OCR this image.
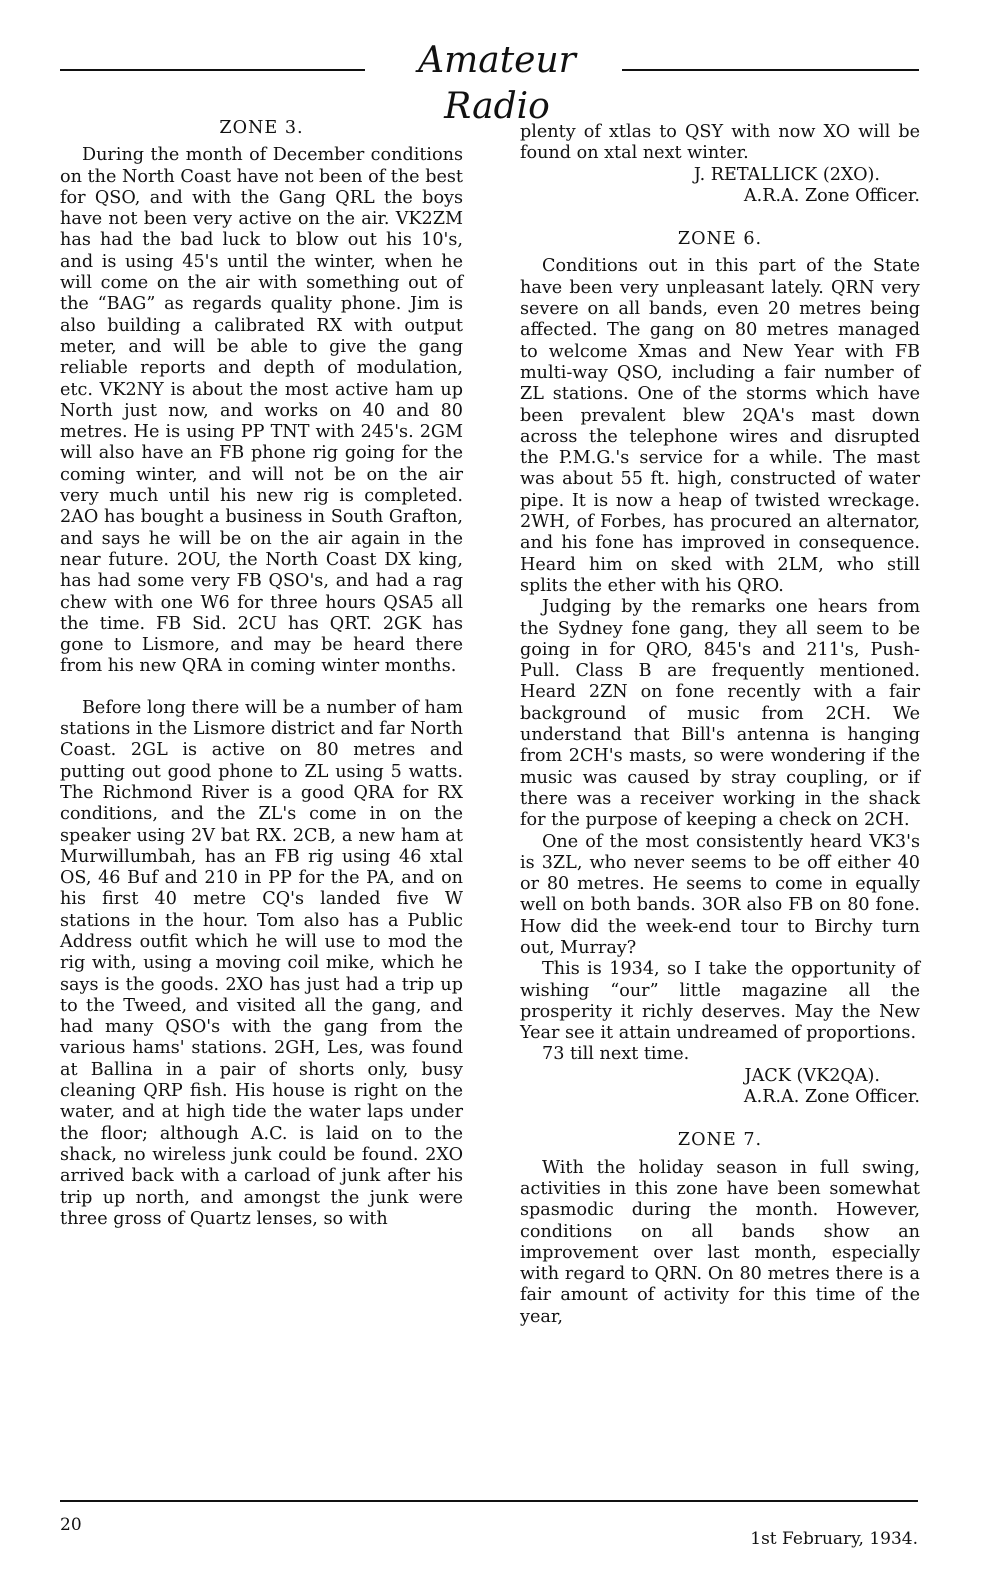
Amateur Radio
ZONE 3.

During the month of December conditions on the North Coast have not been of the best for QSO, and with the Gang QRL the boys have not been very active on the air. VK2ZM has had the bad luck to blow out his 10's, and is using 45's until the winter, when he will come on the air with something out of the “BAG” as regards quality phone. Jim is also building a calibrated RX with output meter, and will be able to give the gang reliable reports and depth of modulation, etc. VK2NY is about the most active ham up North just now, and works on 40 and 80 metres. He is using PP TNT with 245's. 2GM will also have an FB phone rig going for the coming winter, and will not be on the air very much until his new rig is completed. 2AO has bought a business in South Grafton, and says he will be on the air again in the near future. 2OU, the North Coast DX king, has had some very FB QSO's, and had a rag chew with one W6 for three hours QSA5 all the time. FB Sid. 2CU has QRT. 2GK has gone to Lismore, and may be heard there from his new QRA in coming winter months.

Before long there will be a number of ham stations in the Lismore district and far North Coast. 2GL is active on 80 metres and putting out good phone to ZL using 5 watts. The Richmond River is a good QRA for RX conditions, and the ZL's come in on the speaker using 2V bat RX. 2CB, a new ham at Murwillumbah, has an FB rig using 46 xtal OS, 46 Buf and 210 in PP for the PA, and on his first 40 metre CQ's landed five W stations in the hour. Tom also has a Public Address outfit which he will use to mod the rig with, using a moving coil mike, which he says is the goods. 2XO has just had a trip up to the Tweed, and visited all the gang, and had many QSO's with the gang from the various hams' stations. 2GH, Les, was found at Ballina in a pair of shorts only, busy cleaning QRP fish. His house is right on the water, and at high tide the water laps under the floor; although A.C. is laid on to the shack, no wireless junk could be found. 2XO arrived back with a carload of junk after his trip up north, and amongst the junk were three gross of Quartz lenses, so with

plenty of xtlas to QSY with now XO will be found on xtal next winter.

J. RETALLICK (2XO).

A.R.A. Zone Officer.

ZONE 6.

Conditions out in this part of the State have been very unpleasant lately. QRN very severe on all bands, even 20 metres being affected. The gang on 80 metres managed to welcome Xmas and New Year with FB multi-way QSO, including a fair number of ZL stations. One of the storms which have been prevalent blew 2QA's mast down across the telephone wires and disrupted the P.M.G.'s service for a while. The mast was about 55 ft. high, constructed of water pipe. It is now a heap of twisted wreckage. 2WH, of Forbes, has procured an alternator, and his fone has improved in consequence. Heard him on sked with 2LM, who still splits the ether with his QRO.

Judging by the remarks one hears from the Sydney fone gang, they all seem to be going in for QRO, 845's and 211's, Push-Pull. Class B are frequently mentioned. Heard 2ZN on fone recently with a fair background of music from 2CH. We understand that Bill's antenna is hanging from 2CH's masts, so were wondering if the music was caused by stray coupling, or if there was a receiver working in the shack for the purpose of keeping a check on 2CH.

One of the most consistently heard VK3's is 3ZL, who never seems to be off either 40 or 80 metres. He seems to come in equally well on both bands. 3OR also FB on 80 fone. How did the week-end tour to Birchy turn out, Murray?

This is 1934, so I take the opportunity of wishing “our” little magazine all the prosperity it richly deserves. May the New Year see it attain undreamed of proportions.

73 till next time.

JACK (VK2QA).

A.R.A. Zone Officer.

ZONE 7.

With the holiday season in full swing, activities in this zone have been somewhat spasmodic during the month. However, conditions on all bands show an improvement over last month, especially with regard to QRN. On 80 metres there is a fair amount of activity for this time of the year,

20
1st February, 1934.
